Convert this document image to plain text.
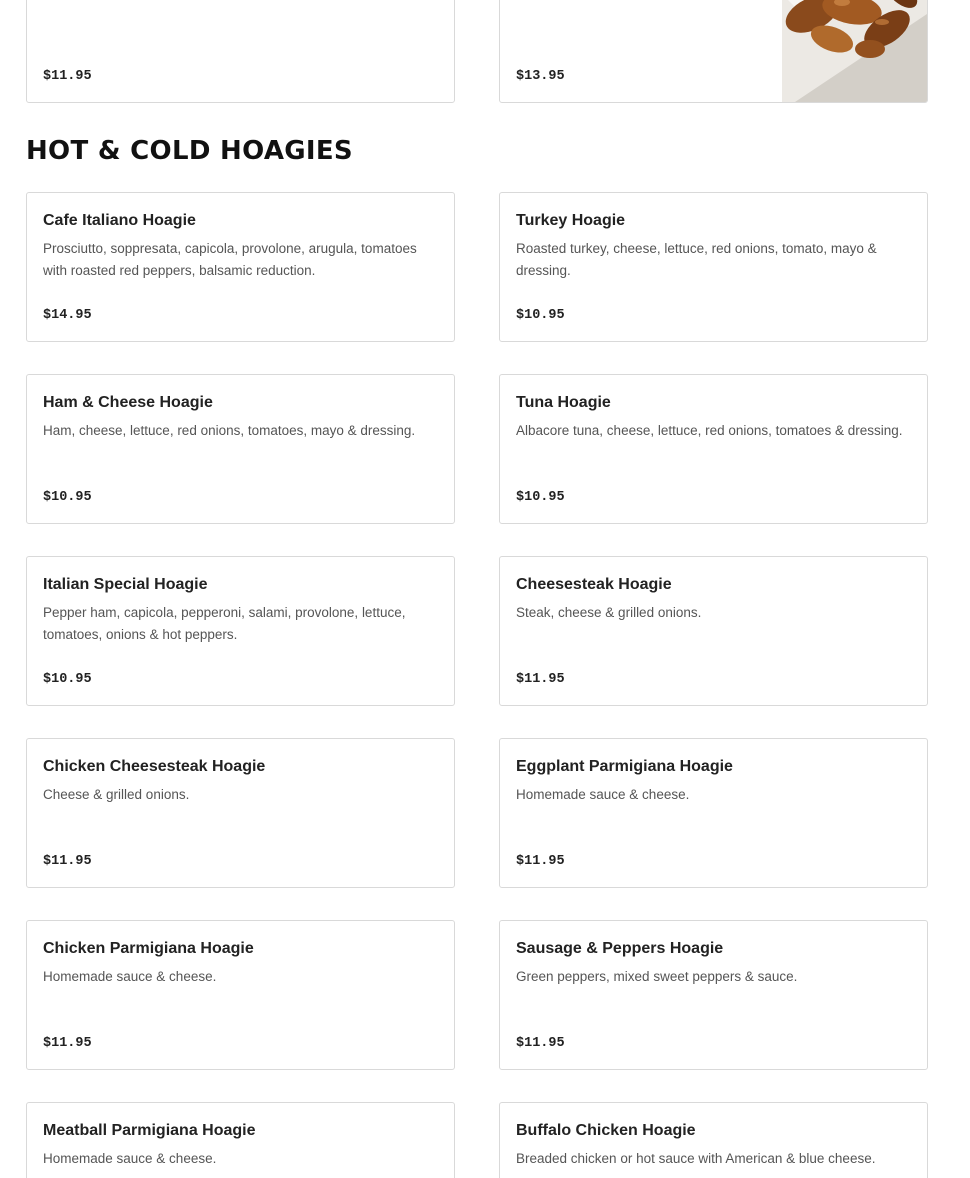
$11.95	$13.95
HOT & COLD HOAGIES
Cafe Italiano Hoagie

Prosciutto, soppresata, capicola, provolone, arugula, tomatoes with roasted red peppers, balsamic reduction.

$14.95
Turkey Hoagie

Roasted turkey, cheese, lettuce, red onions, tomato, mayo & dressing.

$10.95
Ham & Cheese Hoagie

Ham, cheese, lettuce, red onions, tomatoes, mayo & dressing.

$10.95
Tuna Hoagie

Albacore tuna, cheese, lettuce, red onions, tomatoes & dressing.

$10.95
Italian Special Hoagie

Pepper ham, capicola, pepperoni, salami, provolone, lettuce, tomatoes, onions & hot peppers.

$10.95
Cheesesteak Hoagie

Steak, cheese & grilled onions.

$11.95
Chicken Cheesesteak Hoagie

Cheese & grilled onions.

$11.95
Eggplant Parmigiana Hoagie

Homemade sauce & cheese.

$11.95
Chicken Parmigiana Hoagie

Homemade sauce & cheese.

$11.95
Sausage & Peppers Hoagie

Green peppers, mixed sweet peppers & sauce.

$11.95
Meatball Parmigiana Hoagie

Homemade sauce & cheese.

Buffalo Chicken Hoagie

Breaded chicken or hot sauce with American & blue cheese.
